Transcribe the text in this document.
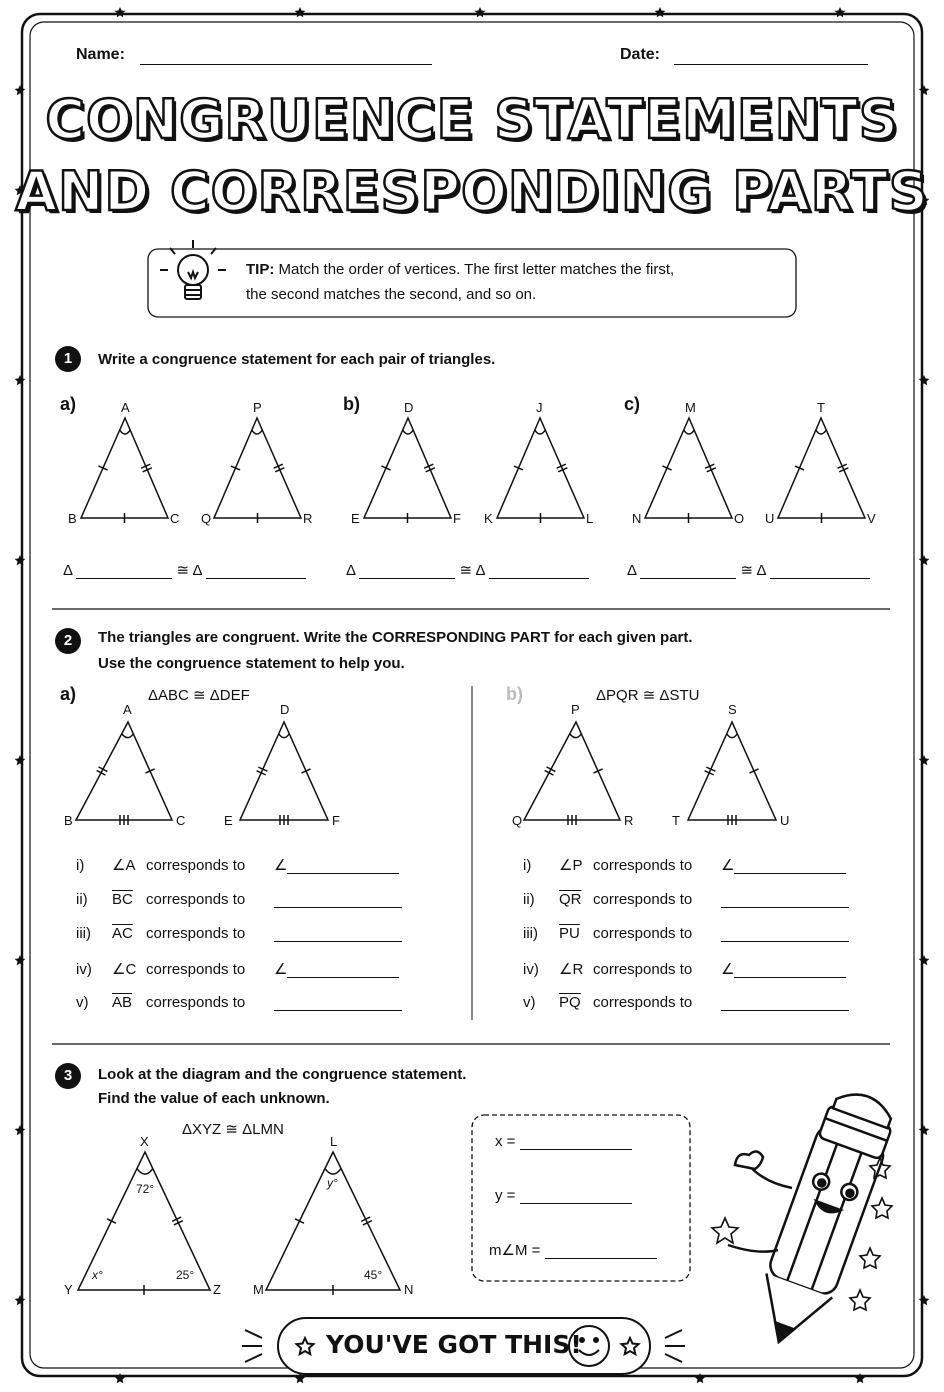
Name:	Date:
CONGRUENCE STATEMENTS
AND CORRESPONDING PARTS
TIP: Match the order of vertices. The first letter matches the first,
the second matches the second, and so on.
1	Write a congruence statement for each pair of triangles.
a)	A
B	C
P
Q	R
Δ	≅ Δ
b)	D
E	F
J
K	L
Δ	≅ Δ
c)	M
N	O
T
U	V
Δ	≅ Δ
2	The triangles are congruent. Write the CORRESPONDING PART for each given part.
Use the congruence statement to help you.
a)	ΔABC ≅ ΔDEF	b)	ΔPQR ≅ ΔSTU
A
B	C
D
E	F
P
Q	R
S
T	U
i) ∠A corresponds to ∠
ii) $\overline{BC}$ corresponds to
iii) $\overline{AC}$ corresponds to
iv) ∠C corresponds to ∠
v) $\overline{AB}$ corresponds to
i) ∠P corresponds to ∠
ii) $\overline{QR}$ corresponds to
iii) $\overline{PU}$ corresponds to
iv) ∠R corresponds to ∠
v) $\overline{PQ}$ corresponds to
3	Look at the diagram and the congruence statement.
Find the value of each unknown.
ΔXYZ ≅ ΔLMN
X
Y	Z
72°
x°	25°
L
M	N
y°
45°
x =
y =
m∠M =
YOU'VE GOT THIS!
